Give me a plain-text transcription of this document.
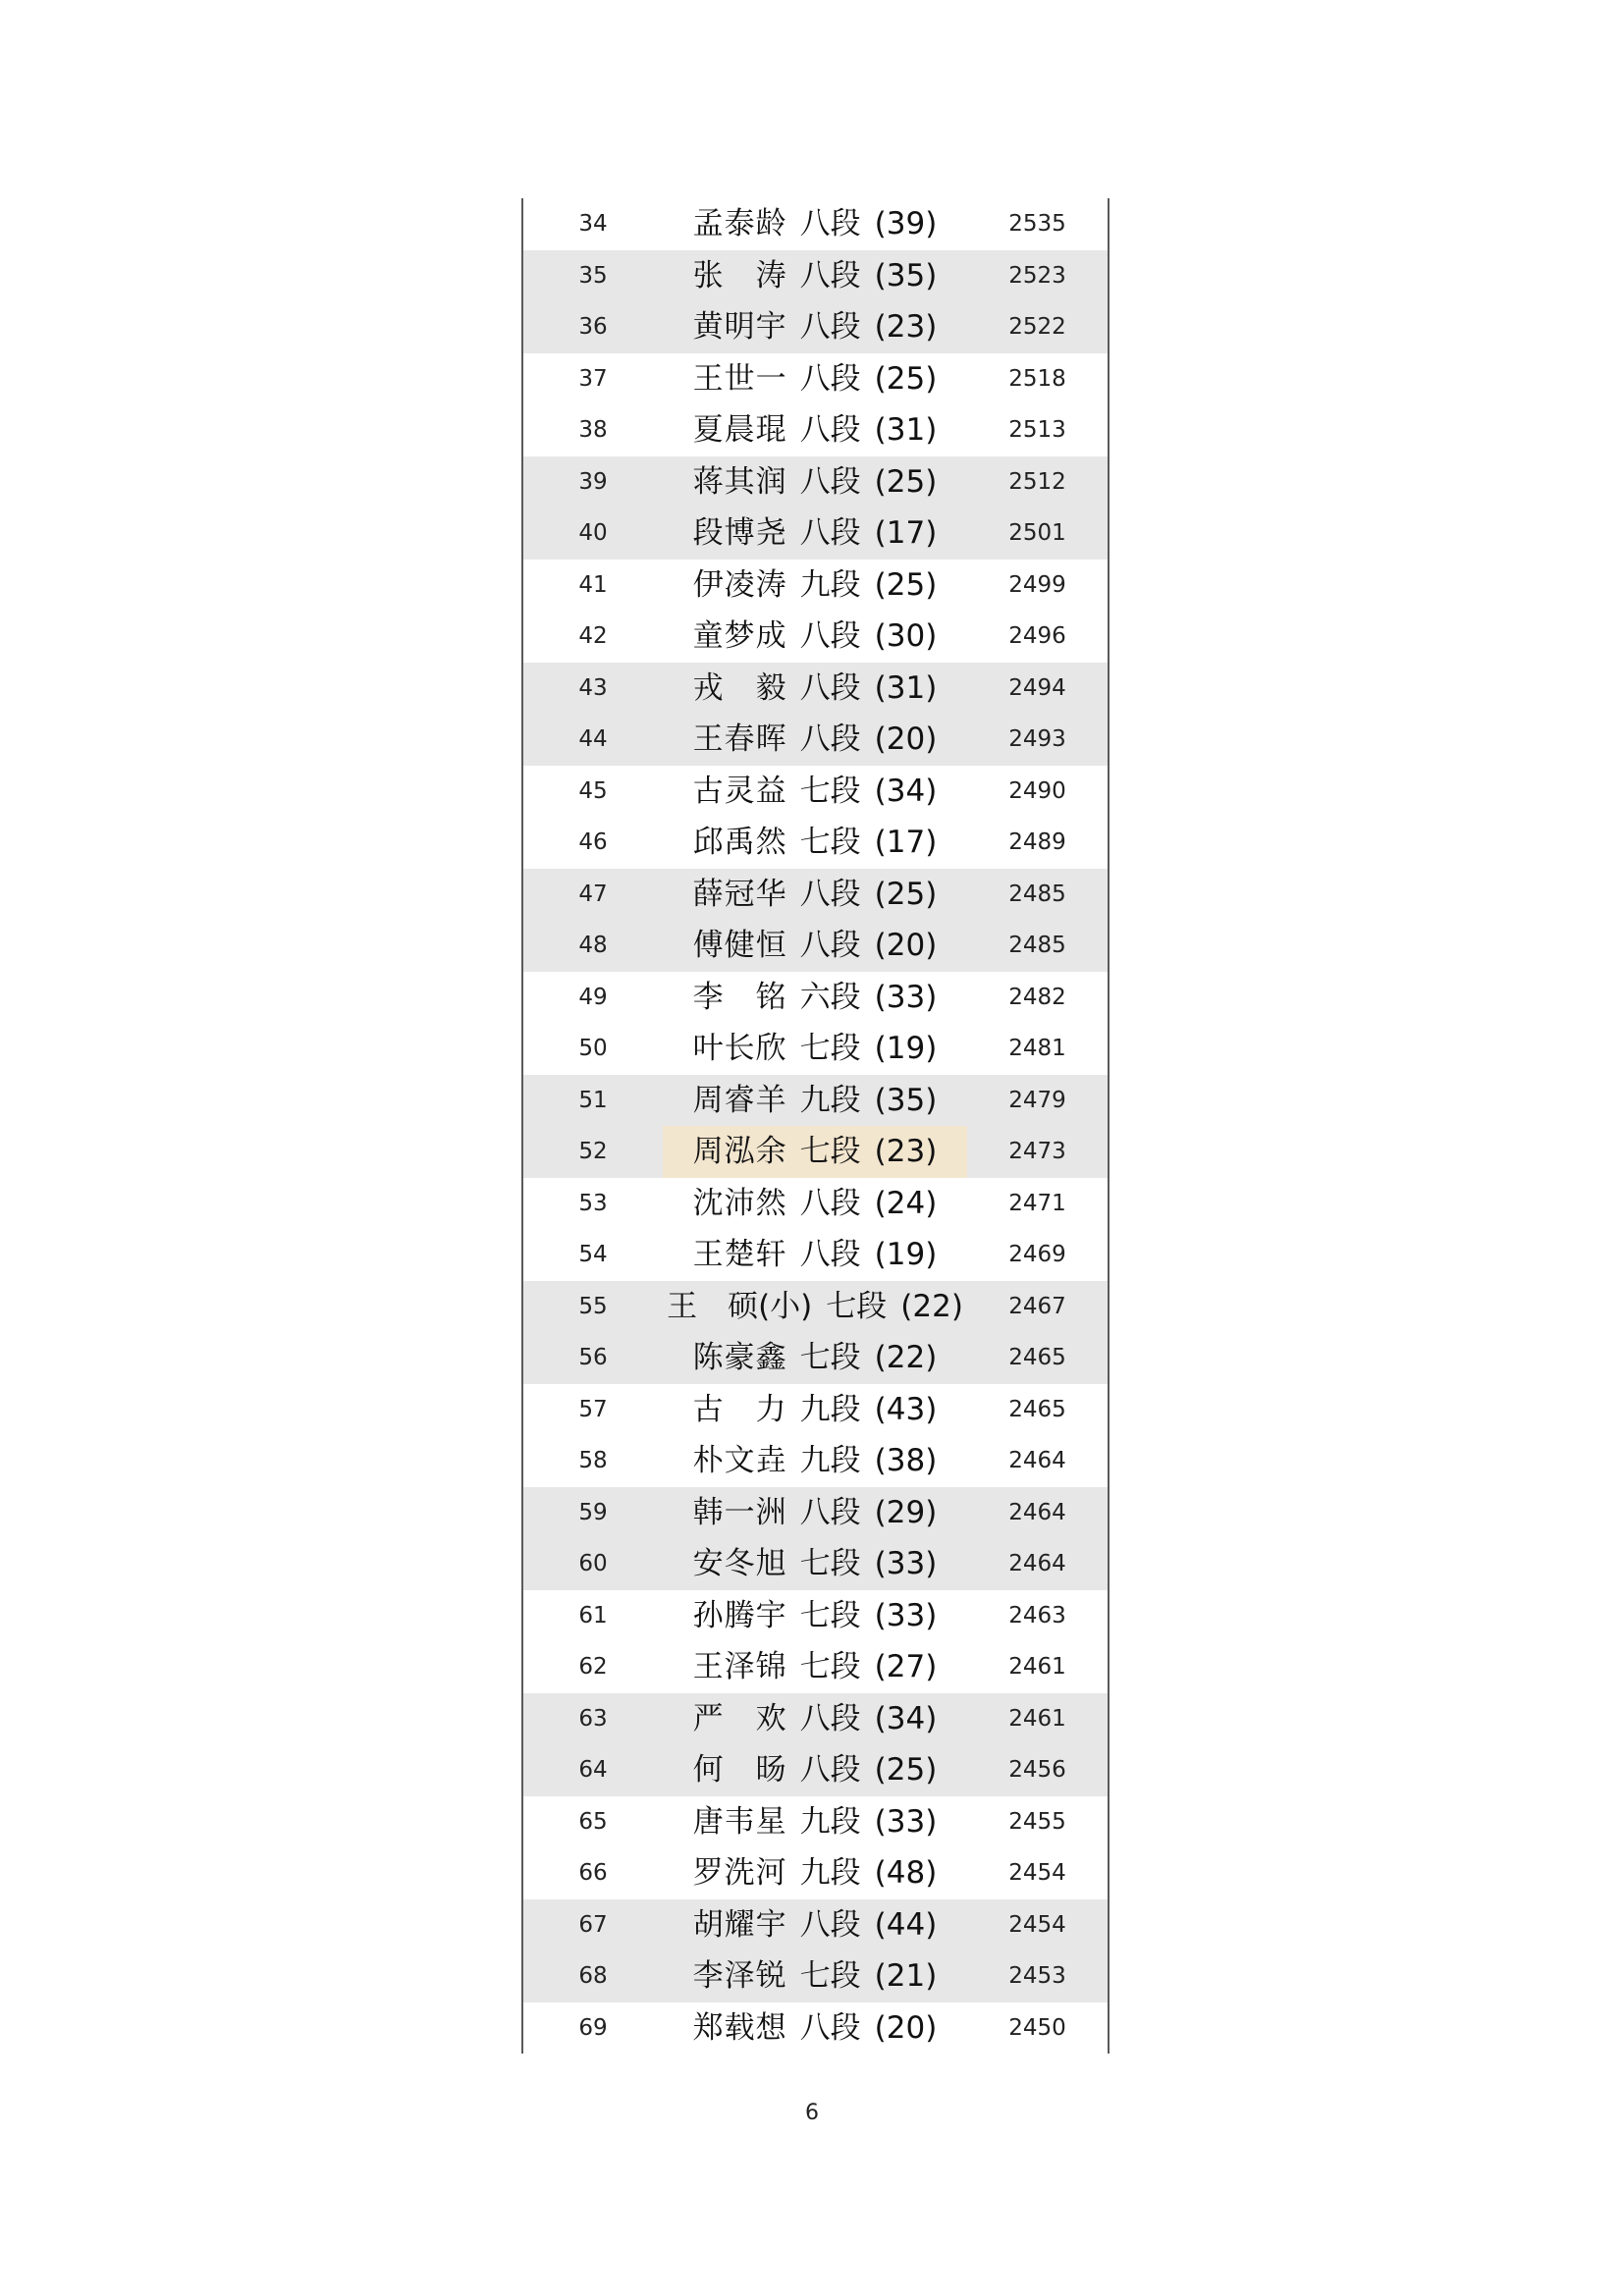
34	孟泰龄 八段 (39)	2535
35	张　涛 八段 (35)	2523
36	黄明宇 八段 (23)	2522
37	王世一 八段 (25)	2518
38	夏晨琨 八段 (31)	2513
39	蒋其润 八段 (25)	2512
40	段博尧 八段 (17)	2501
41	伊凌涛 九段 (25)	2499
42	童梦成 八段 (30)	2496
43	戎　毅 八段 (31)	2494
44	王春晖 八段 (20)	2493
45	古灵益 七段 (34)	2490
46	邱禹然 七段 (17)	2489
47	薛冠华 八段 (25)	2485
48	傅健恒 八段 (20)	2485
49	李　铭 六段 (33)	2482
50	叶长欣 七段 (19)	2481
51	周睿羊 九段 (35)	2479
52	周泓余 七段 (23)	2473
53	沈沛然 八段 (24)	2471
54	王楚轩 八段 (19)	2469
55	王　硕(小) 七段 (22)	2467
56	陈豪鑫 七段 (22)	2465
57	古　力 九段 (43)	2465
58	朴文垚 九段 (38)	2464
59	韩一洲 八段 (29)	2464
60	安冬旭 七段 (33)	2464
61	孙腾宇 七段 (33)	2463
62	王泽锦 七段 (27)	2461
63	严　欢 八段 (34)	2461
64	何　旸 八段 (25)	2456
65	唐韦星 九段 (33)	2455
66	罗洗河 九段 (48)	2454
67	胡耀宇 八段 (44)	2454
68	李泽锐 七段 (21)	2453
69	郑载想 八段 (20)	2450
6
